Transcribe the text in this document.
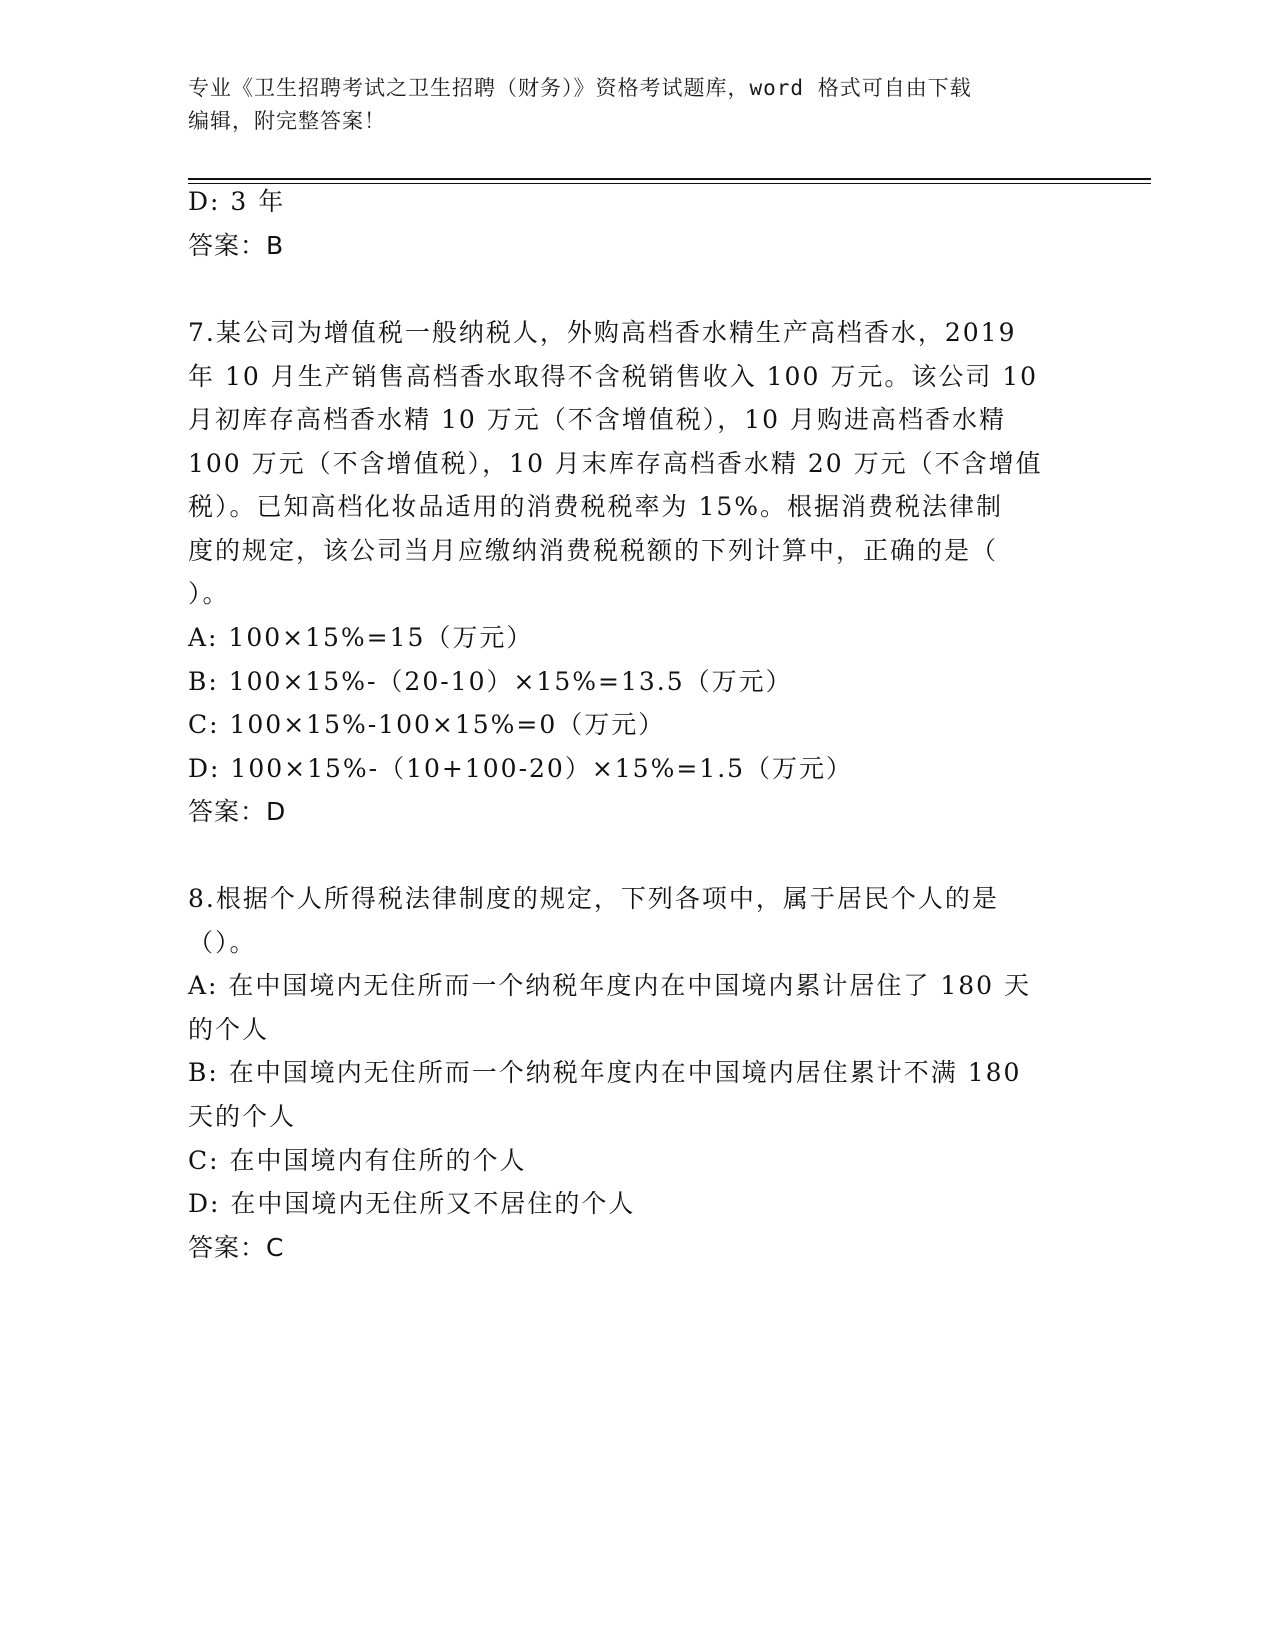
专业《卫生招聘考试之卫生招聘（财务）》资格考试题库，word 格式可自由下载
编辑，附完整答案！
D: 3 年
答案：B
7.某公司为增值税一般纳税人，外购高档香水精生产高档香水，2019
年 10 月生产销售高档香水取得不含税销售收入 100 万元。该公司 10
月初库存高档香水精 10 万元（不含增值税），10 月购进高档香水精
100 万元（不含增值税），10 月末库存高档香水精 20 万元（不含增值
税）。已知高档化妆品适用的消费税税率为 15%。根据消费税法律制
度的规定，该公司当月应缴纳消费税税额的下列计算中，正确的是（
）。
A: 100×15%=15（万元）
B: 100×15%-（20-10）×15%=13.5（万元）
C: 100×15%-100×15%=0（万元）
D: 100×15%-（10+100-20）×15%=1.5（万元）
答案：D
8.根据个人所得税法律制度的规定，下列各项中，属于居民个人的是
（）。
A: 在中国境内无住所而一个纳税年度内在中国境内累计居住了 180 天
的个人
B: 在中国境内无住所而一个纳税年度内在中国境内居住累计不满 180
天的个人
C: 在中国境内有住所的个人
D: 在中国境内无住所又不居住的个人
答案：C
